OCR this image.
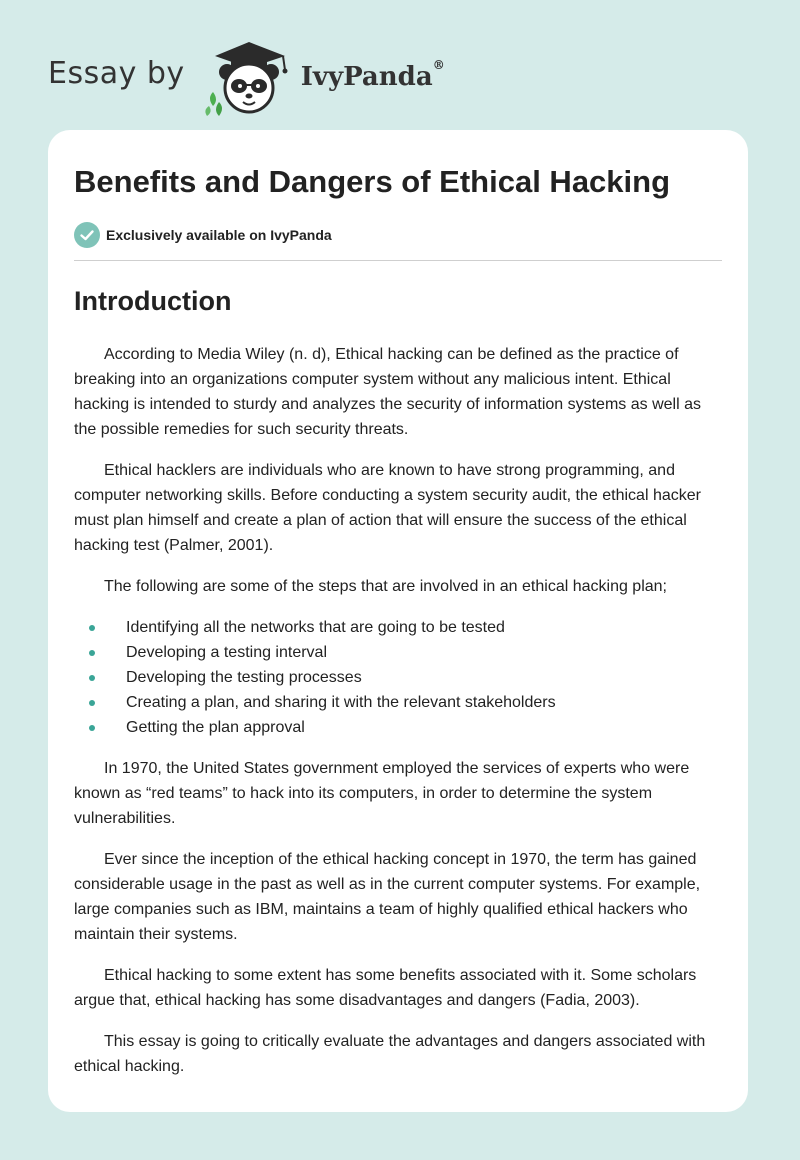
Essay by	IvyPanda®
Benefits and Dangers of Ethical Hacking
Exclusively available on IvyPanda
Introduction

According to Media Wiley (n. d), Ethical hacking can be defined as the practice of breaking into an organizations computer system without any malicious intent. Ethical hacking is intended to sturdy and analyzes the security of information systems as well as the possible remedies for such security threats.

Ethical hacklers are individuals who are known to have strong programming, and computer networking skills. Before conducting a system security audit, the ethical hacker must plan himself and create a plan of action that will ensure the success of the ethical hacking test (Palmer, 2001).

The following are some of the steps that are involved in an ethical hacking plan;

Identifying all the networks that are going to be tested
Developing a testing interval
Developing the testing processes
Creating a plan, and sharing it with the relevant stakeholders
Getting the plan approval

In 1970, the United States government employed the services of experts who were known as “red teams” to hack into its computers, in order to determine the system vulnerabilities.

Ever since the inception of the ethical hacking concept in 1970, the term has gained considerable usage in the past as well as in the current computer systems. For example, large companies such as IBM, maintains a team of highly qualified ethical hackers who maintain their systems.

Ethical hacking to some extent has some benefits associated with it. Some scholars argue that, ethical hacking has some disadvantages and dangers (Fadia, 2003).

This essay is going to critically evaluate the advantages and dangers associated with ethical hacking.
